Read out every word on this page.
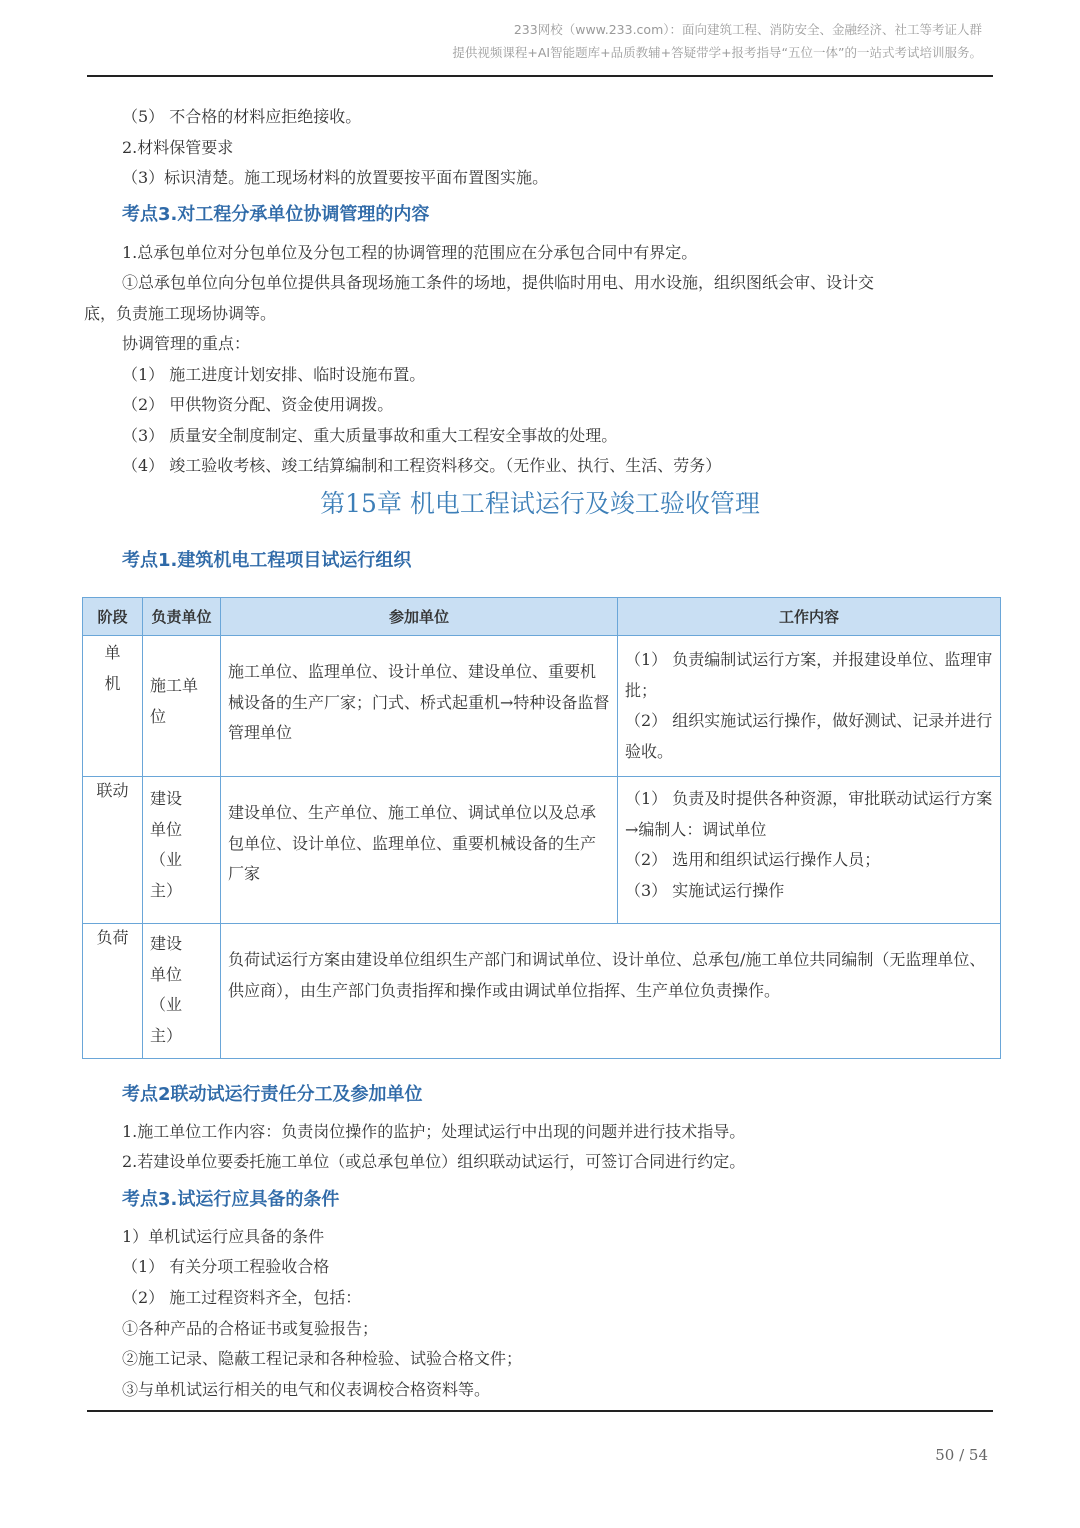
233网校（www.233.com）：面向建筑工程、消防安全、金融经济、社工等考证人群
提供视频课程+AI智能题库+品质教辅+答疑带学+报考指导“五位一体”的一站式考试培训服务。
（5） 不合格的材料应拒绝接收。
2.材料保管要求
（3）标识清楚。施工现场材料的放置要按平面布置图实施。
考点3.对工程分承单位协调管理的内容
1.总承包单位对分包单位及分包工程的协调管理的范围应在分承包合同中有界定。
①总承包单位向分包单位提供具备现场施工条件的场地，提供临时用电、用水设施，组织图纸会审、设计交
底，负责施工现场协调等。
协调管理的重点：
（1） 施工进度计划安排、临时设施布置。
（2） 甲供物资分配、资金使用调拨。
（3） 质量安全制度制定、重大质量事故和重大工程安全事故的处理。
（4） 竣工验收考核、竣工结算编制和工程资料移交。（无作业、执行、生活、劳务）
第15章 机电工程试运行及竣工验收管理
考点1.建筑机电工程项目试运行组织
阶段	负责单位	参加单位	工作内容

单机	施工单位	施工单位、监理单位、设计单位、建设单位、重要机械设备的生产厂家；门式、桥式起重机→特种设备监督管理单位	（1） 负责编制试运行方案，并报建设单位、监理审批；
（2） 组织实施试运行操作，做好测试、记录并进行验收。

联动	建设单位（业主）	建设单位、生产单位、施工单位、调试单位以及总承包单位、设计单位、监理单位、重要机械设备的生产厂家	（1） 负责及时提供各种资源，审批联动试运行方案→编制人：调试单位
（2） 选用和组织试运行操作人员；
（3） 实施试运行操作

负荷	建设单位（业主）	负荷试运行方案由建设单位组织生产部门和调试单位、设计单位、总承包/施工单位共同编制（无监理单位、供应商），由生产部门负责指挥和操作或由调试单位指挥、生产单位负责操作。	
考点2联动试运行责任分工及参加单位
1.施工单位工作内容：负责岗位操作的监护；处理试运行中出现的问题并进行技术指导。
2.若建设单位要委托施工单位（或总承包单位）组织联动试运行，可签订合同进行约定。
考点3.试运行应具备的条件
1）单机试运行应具备的条件
（1） 有关分项工程验收合格
（2） 施工过程资料齐全，包括：
①各种产品的合格证书或复验报告；
②施工记录、隐蔽工程记录和各种检验、试验合格文件；
③与单机试运行相关的电气和仪表调校合格资料等。
50 / 54
